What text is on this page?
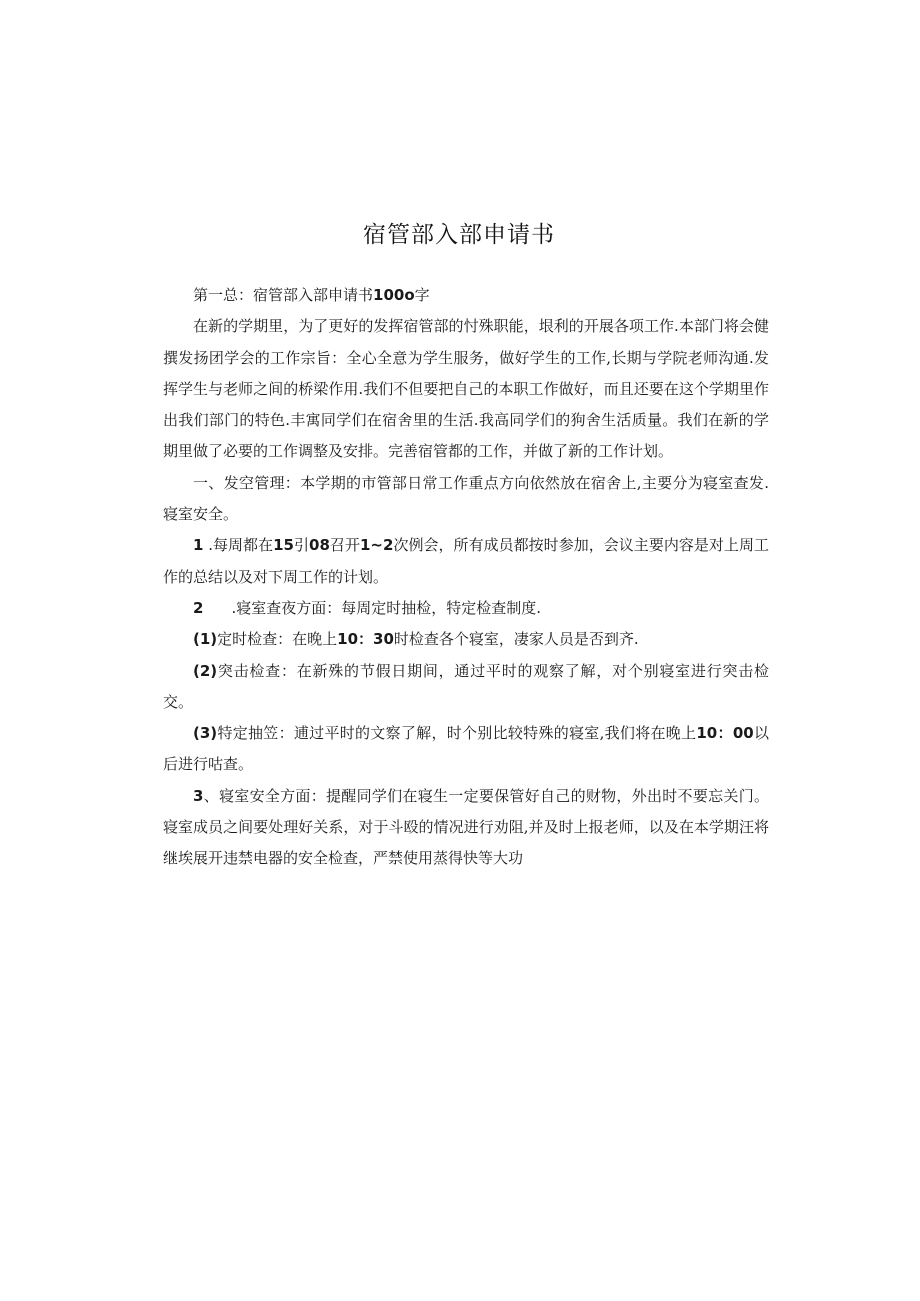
宿管部入部申请书

第一总：宿管部入部申请书100o字

在新的学期里，为了更好的发挥宿管部的忖殊职能，垠利的开展各项工作.本部门将会健撰发扬团学会的工作宗旨：全心全意为学生服务，做好学生的工作,长期与学院老师沟通.发挥学生与老师之间的桥梁作用.我们不但要把自己的本职工作做好，而且还要在这个学期里作出我们部门的特色.丰寓同学们在宿舍里的生活.我高同学们的狗舍生活质量。我们在新的学期里做了必要的工作调整及安排。完善宿管都的工作，并做了新的工作计划。

一、发空管理：本学期的市管部日常工作重点方向依然放在宿舍上,主要分为寝室查发.寝室安全。

1 .每周都在15引08召开1~2次例会，所有成员都按时参加，会议主要内容是对上周工作的总结以及对下周工作的计划。

2 .寝室查夜方面：每周定时抽检，特定检查制度.

(1)定时检查：在晚上10：30时检查各个寝室，凄家人员是否到齐.

(2)突击检查：在新殊的节假日期间，通过平时的观察了解，对个别寝室进行突击检交。

(3)特定抽笠：逋过平时的文察了解，时个别比较特殊的寝室,我们将在晚上10：00以后进行咕查。

3、寝室安全方面：提醒同学们在寝生一定要保管好自己的财物，外出时不要忘关门。寝室成员之间要处理好关系，对于斗殴的情况进行劝阻,并及时上报老师，以及在本学期汪将继埃展开违禁电器的安全检查，严禁使用蒸得快等大功
